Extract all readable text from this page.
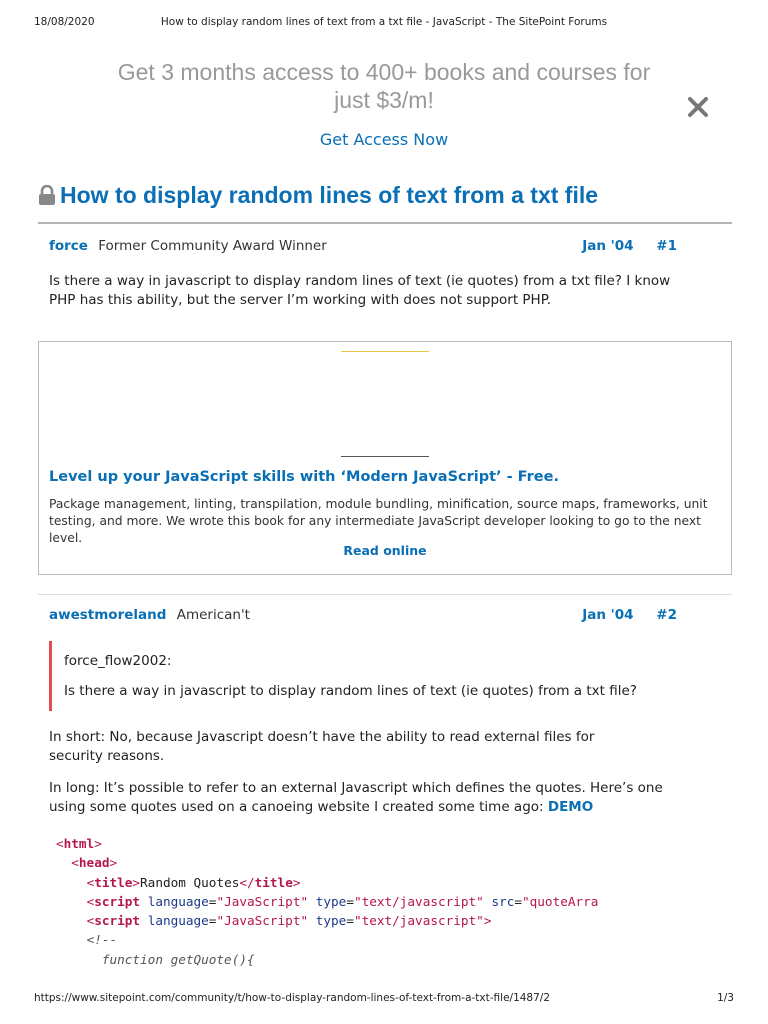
18/08/2020	How to display random lines of text from a txt file - JavaScript - The SitePoint Forums
Get 3 months access to 400+ books and courses for just $3/m!
Get Access Now
How to display random lines of text from a txt file
force Former Community Award Winner	Jan '04 #1
Is there a way in javascript to display random lines of text (ie quotes) from a txt file? I know PHP has this ability, but the server I’m working with does not support PHP.
Level up your JavaScript skills with ‘Modern JavaScript’ - Free.
Package management, linting, transpilation, module bundling, minification, source maps, frameworks, unit testing, and more. We wrote this book for any intermediate JavaScript developer looking to go to the next level.
Read online
awestmoreland American't	Jan '04 #2
force_flow2002:
Is there a way in javascript to display random lines of text (ie quotes) from a txt file?
In short: No, because Javascript doesn’t have the ability to read external files for security reasons.
In long: It’s possible to refer to an external Javascript which defines the quotes. Here’s one using some quotes used on a canoeing website I created some time ago: DEMO
<html>
<head>
<title>Random Quotes</title>
<script language="JavaScript" type="text/javascript" src="quoteArra
<script language="JavaScript" type="text/javascript">
<!--
function getQuote(){
https://www.sitepoint.com/community/t/how-to-display-random-lines-of-text-from-a-txt-file/1487/2	1/3
